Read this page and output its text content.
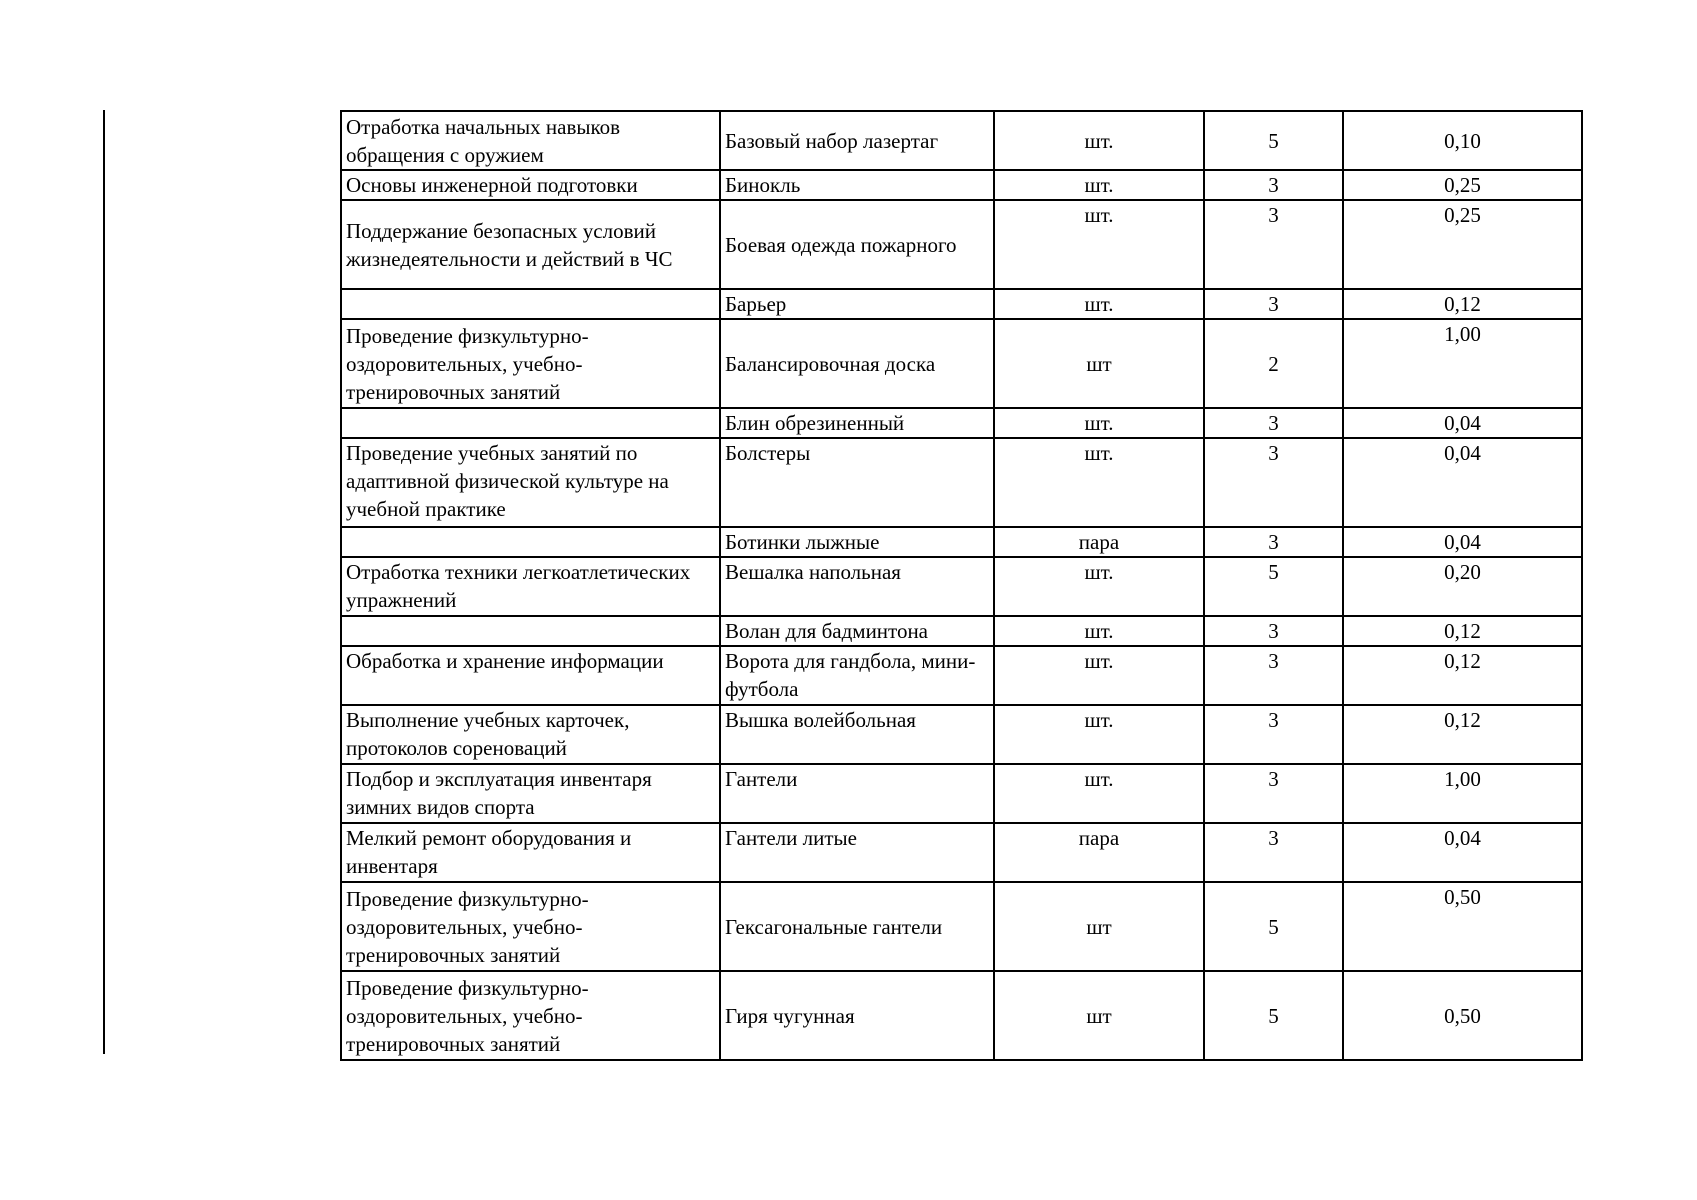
Отработка начальных навыков обращения с оружием	Базовый набор лазертаг	шт.	5	0,10
Основы инженерной подготовки	Бинокль	шт.	3	0,25
Поддержание безопасных условий жизнедеятельности и действий в ЧС	Боевая одежда пожарного	шт.	3	0,25
	Барьер	шт.	3	0,12
Проведение физкультурно-оздоровительных, учебно-тренировочных занятий	Балансировочная доска	шт	2	1,00
	Блин обрезиненный	шт.	3	0,04
Проведение учебных занятий по адаптивной физической культуре на учебной практике	Болстеры	шт.	3	0,04
	Ботинки лыжные	пара	3	0,04
Отработка техники легкоатлетических упражнений	Вешалка напольная	шт.	5	0,20
	Волан для бадминтона	шт.	3	0,12
Обработка и хранение информации	Ворота для гандбола, мини-футбола	шт.	3	0,12
Выполнение учебных карточек, протоколов сореноваций	Вышка волейбольная	шт.	3	0,12
Подбор и эксплуатация инвентаря зимних видов спорта	Гантели	шт.	3	1,00
Мелкий ремонт оборудования и инвентаря	Гантели литые	пара	3	0,04
Проведение физкультурно-оздоровительных, учебно-тренировочных занятий	Гексагональные гантели	шт	5	0,50
Проведение физкультурно-оздоровительных, учебно-тренировочных занятий	Гиря чугунная	шт	5	0,50
